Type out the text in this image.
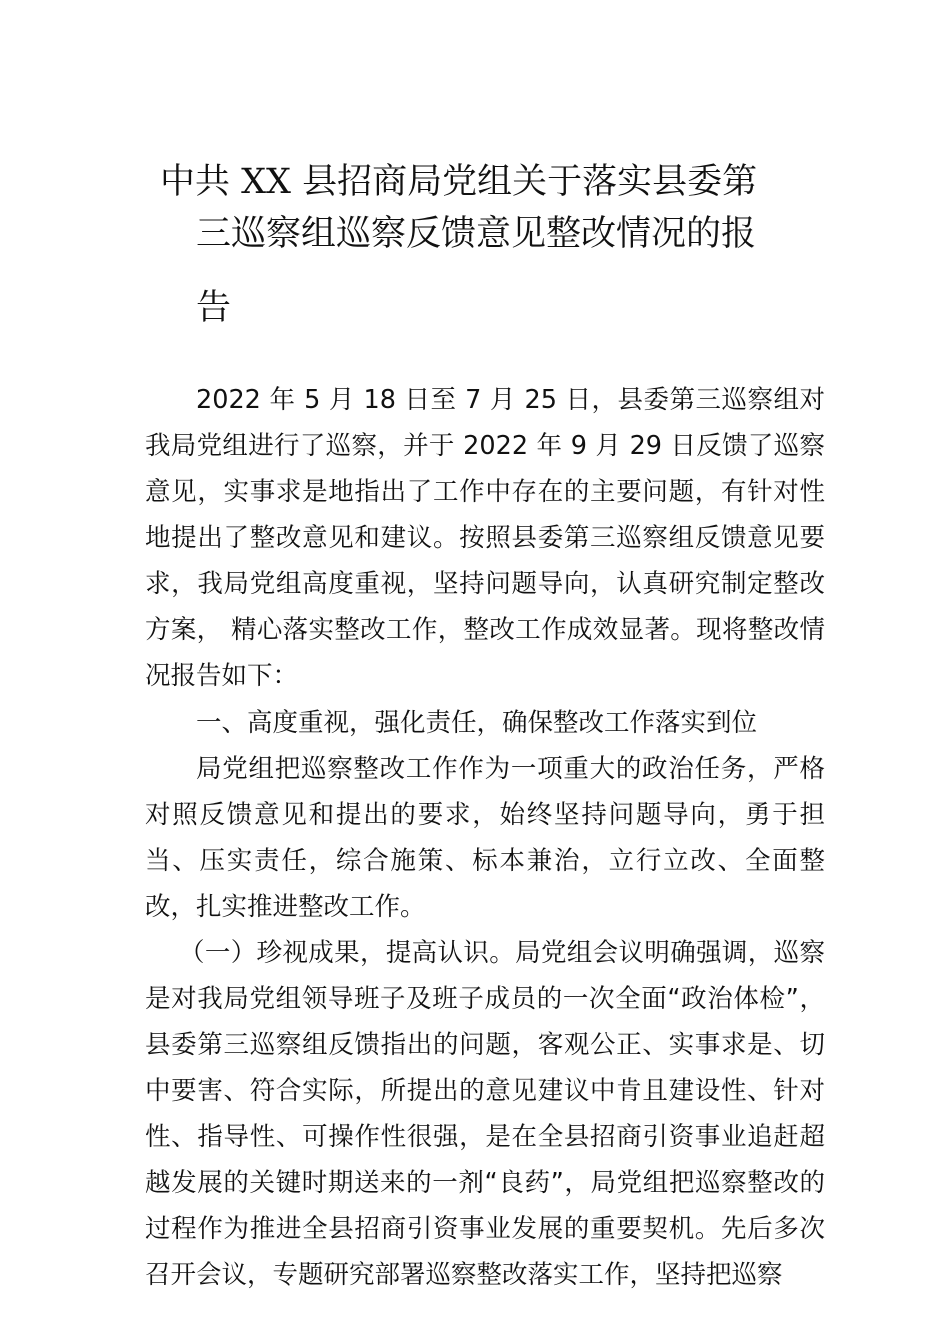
中共 XX 县招商局党组关于落实县委第
三巡察组巡察反馈意见整改情况的报
告
2022 年 5 月 18 日至 7 月 25 日，县委第三巡察组对我局党组进行了巡察，并于 2022 年 9 月 29 日反馈了巡察意见，实事求是地指出了工作中存在的主要问题，有针对性地提出了整改意见和建议。按照县委第三巡察组反馈意见要求，我局党组高度重视，坚持问题导向，认真研究制定整改方案， 精心落实整改工作，整改工作成效显著。现将整改情况报告如下：
一、高度重视，强化责任，确保整改工作落实到位
局党组把巡察整改工作作为一项重大的政治任务，严格对照反馈意见和提出的要求，始终坚持问题导向，勇于担当、压实责任，综合施策、标本兼治，立行立改、全面整改，扎实推进整改工作。
（一）珍视成果，提高认识。局党组会议明确强调，巡察是对我局党组领导班子及班子成员的一次全面“政治体检”，县委第三巡察组反馈指出的问题，客观公正、实事求是、切中要害、符合实际，所提出的意见建议中肯且建设性、针对性、指导性、可操作性很强，是在全县招商引资事业追赶超越发展的关键时期送来的一剂“良药”，局党组把巡察整改的过程作为推进全县招商引资事业发展的重要契机。先后多次召开会议，专题研究部署巡察整改落实工作，坚持把巡察
